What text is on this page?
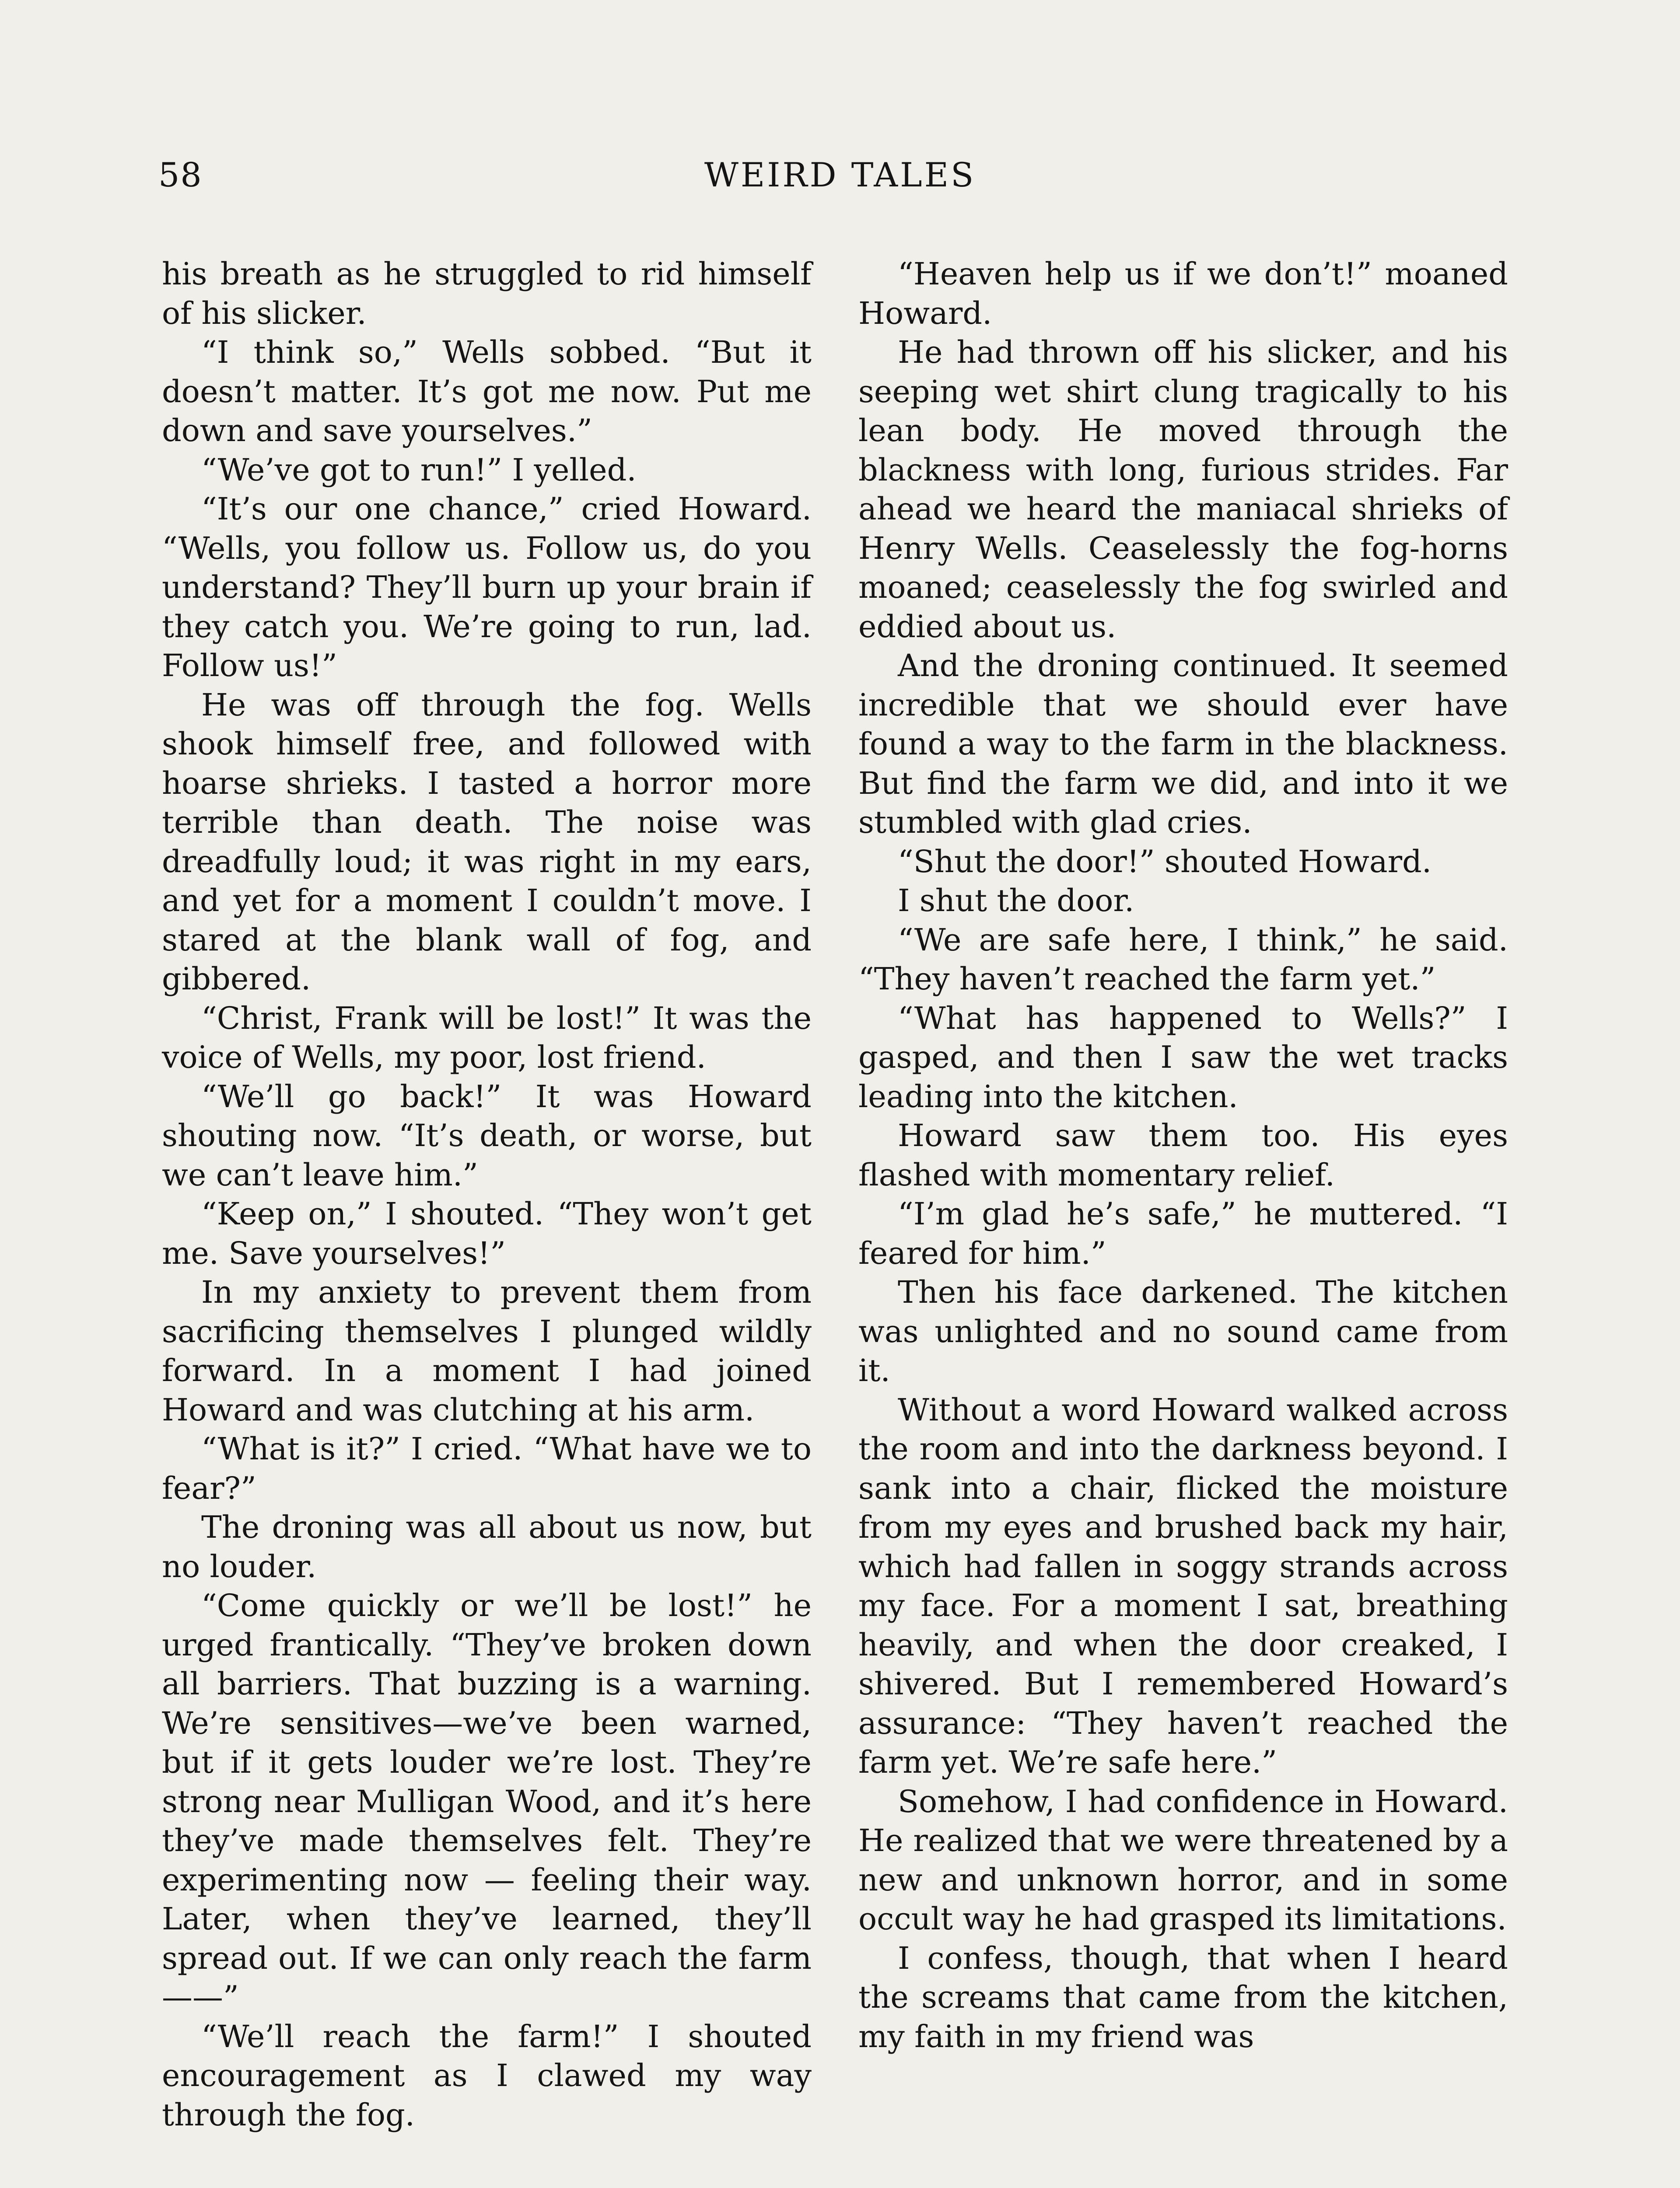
58	WEIRD TALES

his breath as he struggled to rid himself of his slicker.

“I think so,” Wells sobbed. “But it doesn’t matter. It’s got me now. Put me down and save yourselves.”

“We’ve got to run!” I yelled.

“It’s our one chance,” cried Howard. “Wells, you follow us. Follow us, do you understand? They’ll burn up your brain if they catch you. We’re going to run, lad. Follow us!”

He was off through the fog. Wells shook himself free, and followed with hoarse shrieks. I tasted a horror more terrible than death. The noise was dreadfully loud; it was right in my ears, and yet for a moment I couldn’t move. I stared at the blank wall of fog, and gibbered.

“Christ, Frank will be lost!” It was the voice of Wells, my poor, lost friend.

“We’ll go back!” It was Howard shouting now. “It’s death, or worse, but we can’t leave him.”

“Keep on,” I shouted. “They won’t get me. Save yourselves!”

In my anxiety to prevent them from sacrificing themselves I plunged wildly forward. In a moment I had joined Howard and was clutching at his arm.

“What is it?” I cried. “What have we to fear?”

The droning was all about us now, but no louder.

“Come quickly or we’ll be lost!” he urged frantically. “They’ve broken down all barriers. That buzzing is a warning. We’re sensitives—we’ve been warned, but if it gets louder we’re lost. They’re strong near Mulligan Wood, and it’s here they’ve made themselves felt. They’re experimenting now — feeling their way. Later, when they’ve learned, they’ll spread out. If we can only reach the farm——”

“We’ll reach the farm!” I shouted encouragement as I clawed my way through the fog.

“Heaven help us if we don’t!” moaned Howard.

He had thrown off his slicker, and his seeping wet shirt clung tragically to his lean body. He moved through the blackness with long, furious strides. Far ahead we heard the maniacal shrieks of Henry Wells. Ceaselessly the fog-horns moaned; ceaselessly the fog swirled and eddied about us.

And the droning continued. It seemed incredible that we should ever have found a way to the farm in the blackness. But find the farm we did, and into it we stumbled with glad cries.

“Shut the door!” shouted Howard.

I shut the door.

“We are safe here, I think,” he said. “They haven’t reached the farm yet.”

“What has happened to Wells?” I gasped, and then I saw the wet tracks leading into the kitchen.

Howard saw them too. His eyes flashed with momentary relief.

“I’m glad he’s safe,” he muttered. “I feared for him.”

Then his face darkened. The kitchen was unlighted and no sound came from it.

Without a word Howard walked across the room and into the darkness beyond. I sank into a chair, flicked the moisture from my eyes and brushed back my hair, which had fallen in soggy strands across my face. For a moment I sat, breathing heavily, and when the door creaked, I shivered. But I remembered Howard’s assurance: “They haven’t reached the farm yet. We’re safe here.”

Somehow, I had confidence in Howard. He realized that we were threatened by a new and unknown horror, and in some occult way he had grasped its limitations.

I confess, though, that when I heard the screams that came from the kitchen, my faith in my friend was
